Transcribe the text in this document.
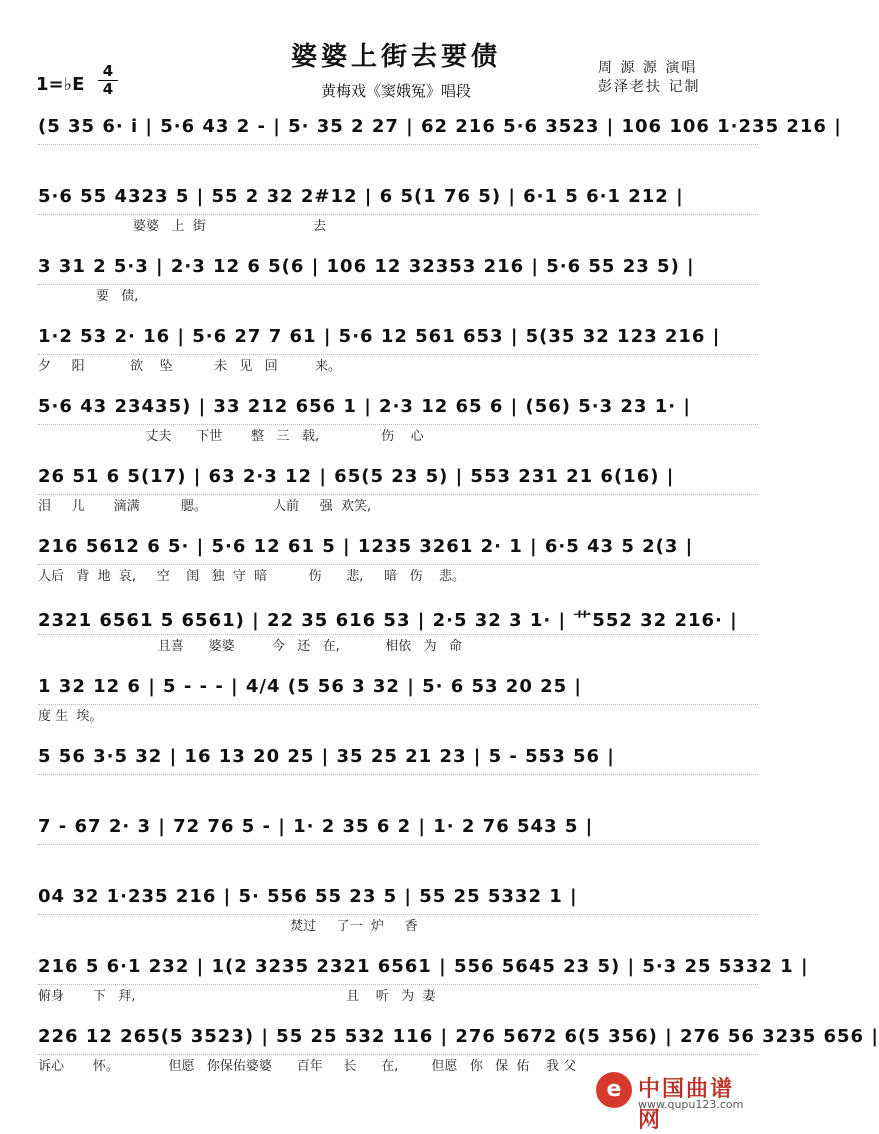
婆婆上街去要债
黄梅戏《窦娥冤》唱段
周 源 源 演唱
彭泽老扶 记制
1=♭E
4
4
(5 35 6· i | 5·6 43 2 - | 5· 35 2 27 | 62 216 5·6 3523 | 106 106 1·235 216 |
5·6 55 4323 5 | 55 2 32 2#12 | 6 5(1 76 5) | 6·1 5 6·1 212 |
婆婆   上  街                          去
3 31 2 5·3 | 2·3 12 6 5(6 | 106 12 32353 216 | 5·6 55 23 5) |
要   债,
1·2 53 2· 16 | 5·6 27 7 61 | 5·6 12 561 653 | 5(35 32 123 216 |
夕     阳           欲    坠          未   见   回         来。
5·6 43 23435) | 33 212 656 1 | 2·3 12 65 6 | (56) 5·3 23 1· |
丈夫      下世       整   三   载,               伤    心
26 51 6 5(17) | 63 2·3 12 | 65(5 23 5) | 553 231 21 6(16) |
泪     儿       滴满          腮。                人前     强  欢笑,
216 5612 6 5· | 5·6 12 61 5 | 1235 3261 2· 1 | 6·5 43 5 2(3 |
人后   背  地  哀,     空    闺   独  守  暗          伤      悲,     暗   伤    悲。
2321 6561 5 6561) | 22 35 616 53 | 2·5 32 3 1· | 艹552 32 216· |
且喜      婆婆         今   还   在,           相依   为   命
1 32 12 6 | 5 - - - | 4/4 (5 56 3 32 | 5· 6 53 20 25 |
度 生  埃。
5 56 3·5 32 | 16 13 20 25 | 35 25 21 23 | 5 - 553 56 |
7 - 67 2· 3 | 72 76 5 - | 1· 2 35 6 2 | 1· 2 76 543 5 |
04 32 1·235 216 | 5· 556 55 23 5 | 55 25 5332 1 |
焚过     了一  炉     香
216 5 6·1 232 | 1(2 3235 2321 6561 | 556 5645 23 5) | 5·3 25 5332 1 |
俯身       下   拜,                                                   且    听   为  妻
226 12 265(5 3523) | 55 25 532 116 | 276 5672 6(5 356) | 276 56 3235 656 |
诉心       怀。            但愿   你保佑婆婆      百年     长      在,        但愿   你   保  佑    我 父
e 中国曲谱网
www.qupu123.com
